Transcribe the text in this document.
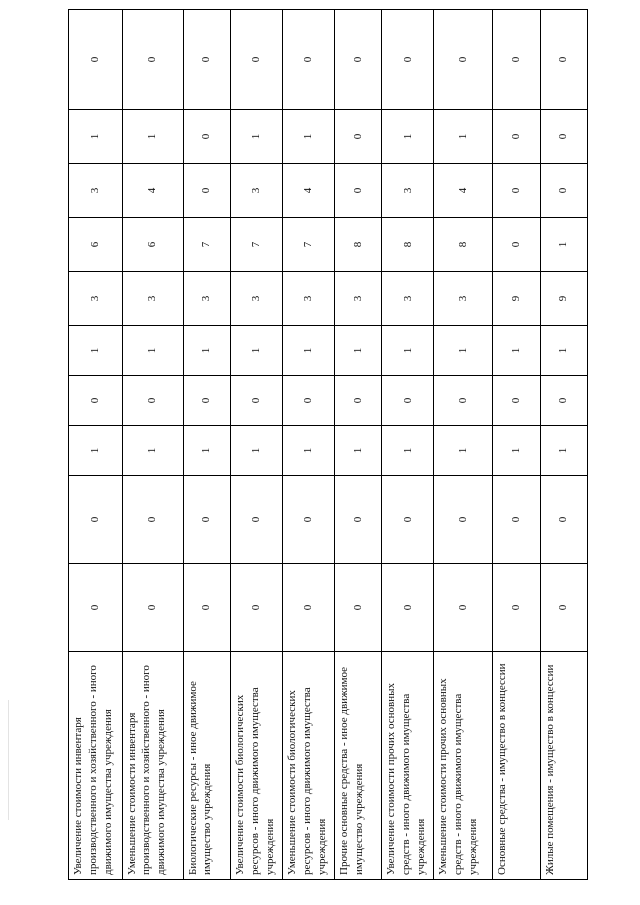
Увеличение стоимости инвентаря производственного и хозяйственного - иного движимого имущества учреждения	0	0	1	0	1	3	6	3	1	0
Уменьшение стоимости инвентаря производственного и хозяйственного - иного движимого имущества учреждения	0	0	1	0	1	3	6	4	1	0
Биологические ресурсы - иное движимое имущество учреждения	0	0	1	0	1	3	7	0	0	0
Увеличение стоимости биологических ресурсов - иного движимого имущества учреждения	0	0	1	0	1	3	7	3	1	0
Уменьшение стоимости биологических ресурсов - иного движимого имущества учреждения	0	0	1	0	1	3	7	4	1	0
Прочие основные средства - иное движимое имущество учреждения	0	0	1	0	1	3	8	0	0	0
Увеличение стоимости прочих основных средств - иного движимого имущества учреждения	0	0	1	0	1	3	8	3	1	0
Уменьшение стоимости прочих основных средств - иного движимого имущества учреждения	0	0	1	0	1	3	8	4	1	0
Основные средства - имущество в концессии	0	0	1	0	1	9	0	0	0	0
Жилые помещения - имущество в концессии	0	0	1	0	1	9	1	0	0	0
